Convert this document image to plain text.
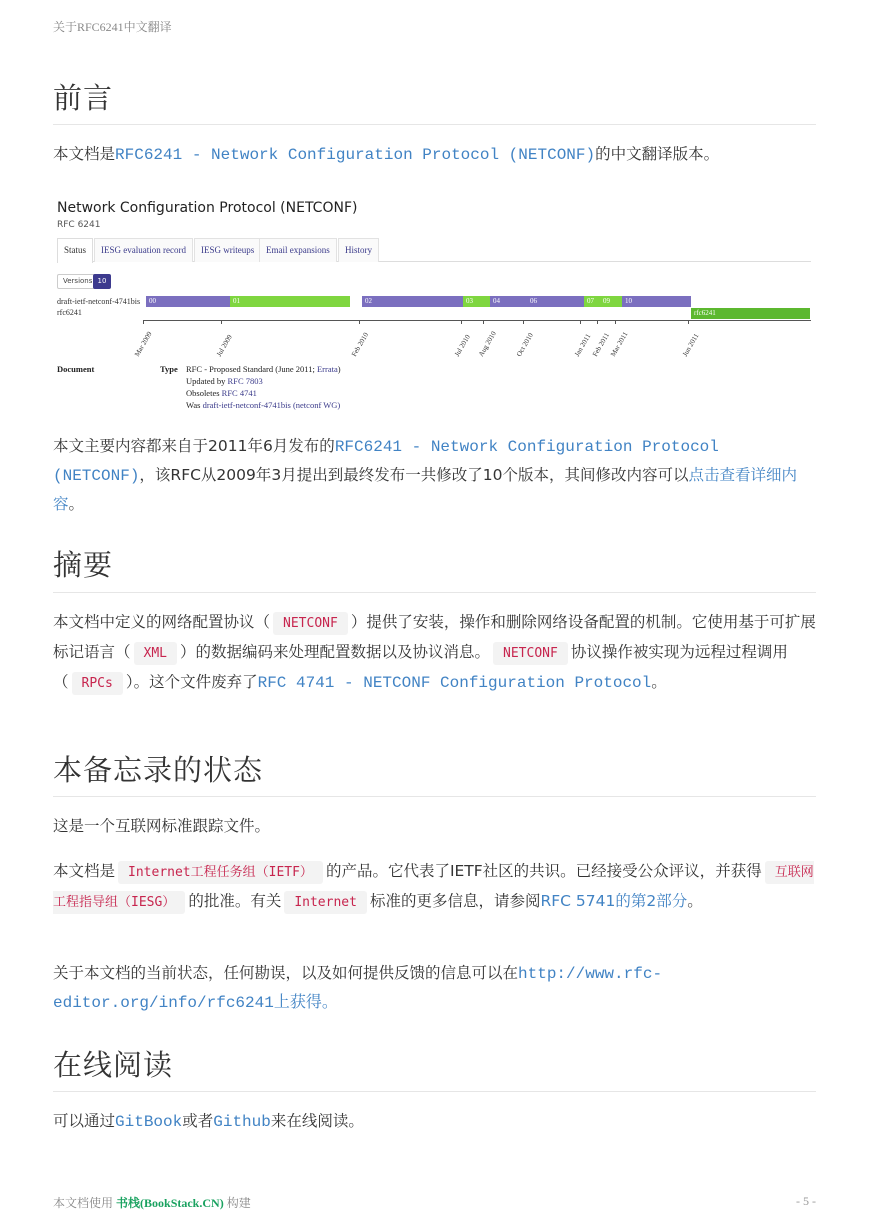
关于RFC6241中文翻译
前言
本文档是RFC6241 - Network Configuration Protocol (NETCONF)的中文翻译版本。
Network Configuration Protocol (NETCONF)
RFC 6241
Status	IESG evaluation record	IESG writeups	Email expansions	History
Versions 10
draft-ietf-netconf-4741bis
rfc6241
00	01	02	03	04	06	07	09	10
rfc6241
Mar 2009	Jul 2009	Feb 2010	Jul 2010 Aug 2010 Oct 2010	Jan 2011
Feb 2011
Mar 2011	Jun 2011
Document	Type RFC - Proposed Standard (June 2011; Errata)
Updated by RFC 7803
Obsoletes RFC 4741
Was draft-ietf-netconf-4741bis (netconf WG)
本文主要内容都来自于2011年6月发布的RFC6241 - Network Configuration Protocol (NETCONF)，该RFC从2009年3月提出到最终发布一共修改了10个版本，其间修改内容可以点击查看详细内容。
摘要
本文档中定义的网络配置协议（ NETCONF ）提供了安装，操作和删除网络设备配置的机制。它使用基于可扩展标记语言（ XML ）的数据编码来处理配置数据以及协议消息。 NETCONF 协议操作被实现为远程过程调用（ RPCs ）。这个文件废弃了RFC 4741 - NETCONF Configuration Protocol。
本备忘录的状态
这是一个互联网标准跟踪文件。
本文档是 Internet工程任务组（IETF） 的产品。它代表了IETF社区的共识。已经接受公众评议，并获得 互联网工程指导组（IESG） 的批准。有关 Internet 标准的更多信息，请参阅RFC 5741的第2部分。
关于本文档的当前状态，任何勘误，以及如何提供反馈的信息可以在http://www.rfc-editor.org/info/rfc6241上获得。
在线阅读
可以通过GitBook或者Github来在线阅读。
本文档使用 书栈(BookStack.CN) 构建	- 5 -
